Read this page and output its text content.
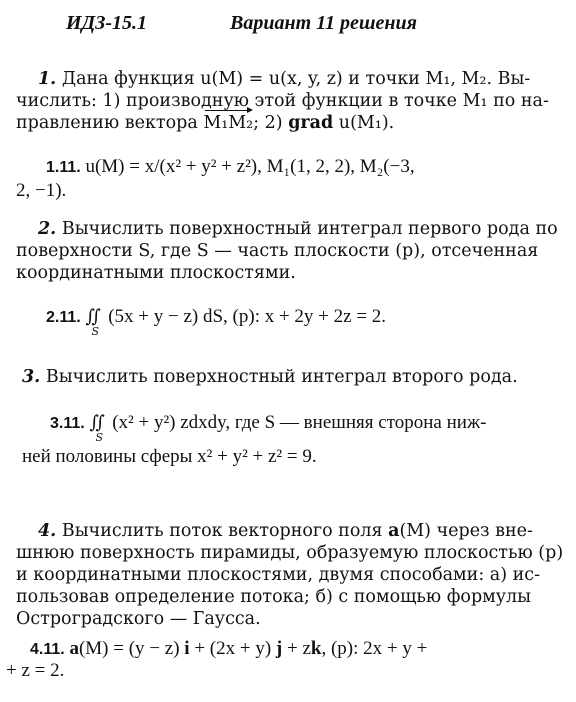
ИДЗ-15.1	Вариант 11 решения
1. Дана функция u(M) = u(x, y, z) и точки M₁, M₂. Вы-
числить: 1) производную этой функции в точке M₁ по на-
правлению вектора M₁M₂; 2) grad u(M₁).
1.11. u(M) = x/(x² + y² + z²), M₁(1, 2, 2), M₂(−3,
2, −1).
2. Вычислить поверхностный интеграл первого рода по
поверхности S, где S — часть плоскости (p), отсеченная
координатными плоскостями.
2.11. ∬
S
(5x + y − z) dS, (p): x + 2y + 2z = 2.
3. Вычислить поверхностный интеграл второго рода.
3.11. ∬
S
(x² + y²) zdxdy, где S — внешняя сторона ниж-
ней половины сферы x² + y² + z² = 9.
4. Вычислить поток векторного поля a(M) через вне-
шнюю поверхность пирамиды, образуемую плоскостью (p)
и координатными плоскостями, двумя способами: а) ис-
пользовав определение потока; б) с помощью формулы
Остроградского — Гаусса.
4.11. a(M) = (y − z) i + (2x + y) j + zk, (p): 2x + y +
+ z = 2.
